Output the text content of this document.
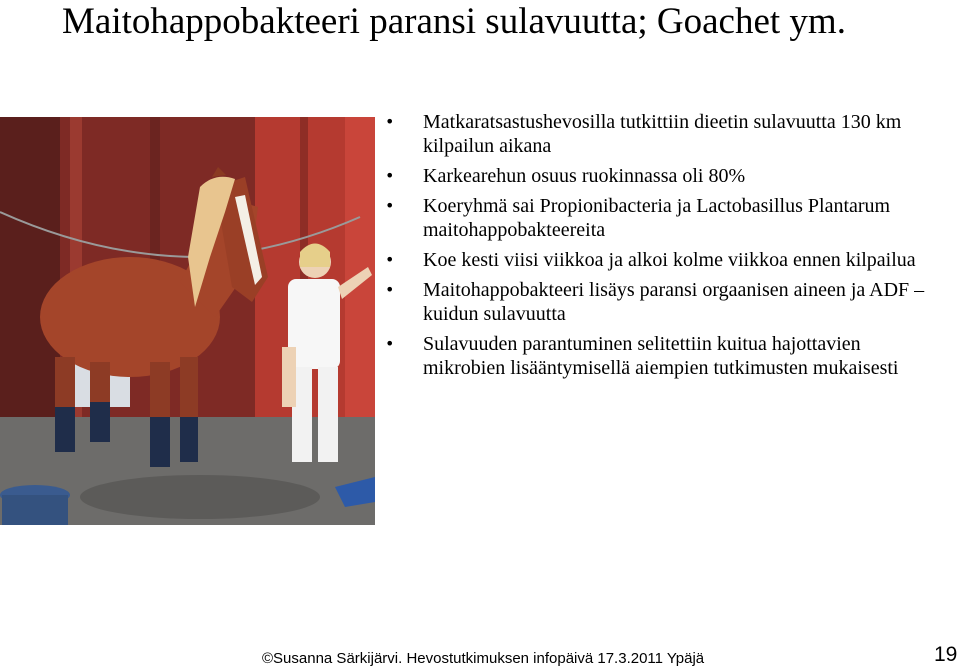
Maitohappobakteeri paransi sulavuutta; Goachet ym.
• Matkaratsastushevosilla tutkittiin dieetin sulavuutta 130 km kilpailun aikana
• Karkearehun osuus ruokinnassa oli 80%
• Koeryhmä sai Propionibacteria ja Lactobasillus Plantarum maitohappobakteereita
• Koe kesti viisi viikkoa ja alkoi kolme viikkoa ennen kilpailua
• Maitohappobakteeri lisäys paransi orgaanisen aineen ja ADF –kuidun sulavuutta
• Sulavuuden parantuminen selitettiin kuitua hajottavien mikrobien lisääntymisellä aiempien tutkimusten mukaisesti
©Susanna Särkijärvi. Hevostutkimuksen infopäivä 17.3.2011 Ypäjä	19
